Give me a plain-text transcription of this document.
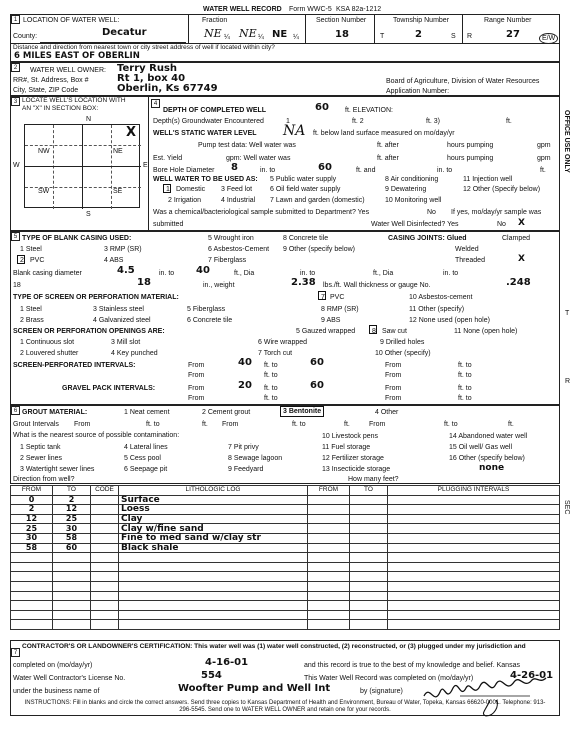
WATER WELL RECORD Form WWC-5 KSA 82a-1212
1 LOCATION OF WATER WELL:
County:	Decatur
Fraction
NE ¼ NE ¼ NE ¼
Section Number
18
Township Number
T	2	S
Range Number
R	27	E/W
Distance and direction from nearest town or city street address of well if located within city?
6 MILES EAST OF OBERLIN
2	WATER WELL OWNER: Terry Rush
RR#, St. Address, Box #	Rt 1, box 40
City, State, ZIP Code	Oberlin, Ks 67749
Board of Agriculture, Division of Water Resources
Application Number:
3 LOCATE WELL'S LOCATION WITH
AN "X" IN SECTION BOX:
N
S
W	E
NW	NE
SW	SE
X
4
DEPTH OF COMPLETED WELL	60 ft. ELEVATION:
Depth(s) Groundwater Encountered	1	ft. 2	ft. 3)	ft.
WELL'S STATIC WATER LEVEL NA ft. below land surface measured on mo/day/yr
Pump test data: Well water was	ft. after	hours pumping	gpm
Est. Yield	gpm: Well water was	ft. after	hours pumping	gpm
Bore Hole Diameter 8	in. to	60	ft. and	in. to	ft.
WELL WATER TO BE USED AS: 5 Public water supply	8 Air conditioning	11 Injection well
1 Domestic 3 Feed lot	6 Oil field water supply	9 Dewatering	12 Other (Specify below)
2 Irrigation	4 Industrial 7 Lawn and garden (domestic)	10 Monitoring well
Was a chemical/bacteriological sample submitted to Department? Yes	No If yes, mo/day/yr sample was
submitted	Water Well Disinfected? Yes	No X
5 TYPE OF BLANK CASING USED:
1 Steel	3 RMP (SR)
5 Wrought iron	8 Concrete tile	CASING JOINTS: Glued	Clamped
2 PVC	4 ABS
6 Asbestos-Cement 9 Other (specify below)	Welded
7 Fiberglass	Threaded	X
Blank casing diameter	4.5	in. to 40	ft., Dia	in. to	ft., Dia	in. to
18	18	in., weight	2.38 lbs./ft. Wall thickness or gauge No.	.248
TYPE OF SCREEN OR PERFORATION MATERIAL:	7 PVC	10 Asbestos-cement
1 Steel	3 Stainless steel	5 Fiberglass	8 RMP (SR)	11 Other (specify)
2 Brass	4 Galvanized steel	6 Concrete tile	9 ABS	12 None used (open hole)
SCREEN OR PERFORATION OPENINGS ARE:	5 Gauzed wrapped 8 Saw cut	11 None (open hole)
1 Continuous slot	3 Mill slot	6 Wire wrapped	9 Drilled holes
2 Louvered shutter	4 Key punched	7 Torch cut	10 Other (specify)
SCREEN-PERFORATED INTERVALS:	From	40 ft. to	60	From	ft. to
From	ft. to	From	ft. to
GRAVEL PACK INTERVALS:	From	20 ft. to	60	From	ft. to
From	ft. to	From	ft. to
6 GROUT MATERIAL:	1 Neat cement	2 Cement grout	3 Bentonite	4 Other
Grout Intervals From	ft. to	ft. From	ft. to	ft.	From	ft. to	ft.
What is the nearest source of possible contamination:
1 Septic tank	4 Lateral lines	7 Pit privy
10 Livestock pens	14 Abandoned water well
2 Sewer lines	5 Cess pool	8 Sewage lagoon
11 Fuel storage	15 Oil well/ Gas well
3 Watertight sewer lines	6 Seepage pit	9 Feedyard
12 Fertilizer storage	16 Other (specify below)
13 Insecticide storage	none
Direction from well?	How many feet?
FROM	TO	CODE	LITHOLOGIC LOG	FROM	TO	PLUGGING INTERVALS
0	2		Surface			
2	12		Loess			
12	25		Clay			
25	30		Clay w/fine sand			
30	58		Fine to med sand w/clay str			
58	60		Black shale			

7
CONTRACTOR'S OR LANDOWNER'S CERTIFICATION: This water well was (1) water well constructed, (2) reconstructed, or (3) plugged under my jurisdiction and
completed on (mo/day/yr)	4-16-01	and this record is true to the best of my knowledge and belief. Kansas
Water Well Contractor's License No.	554	This Water Well Record was completed on (mo/day/yr)	4-26-01
under the business name of	Woofter Pump and Well Int	by (signature)
INSTRUCTIONS: Fill in blanks and circle the correct answers. Send three copies to Kansas Department of Health and Environment, Bureau of Water, Topeka, Kansas 66620-0001. Telephone: 913-296-5545. Send one to WATER WELL OWNER and retain one for your records.
OFFICE USE ONLY
T
R
SEC
